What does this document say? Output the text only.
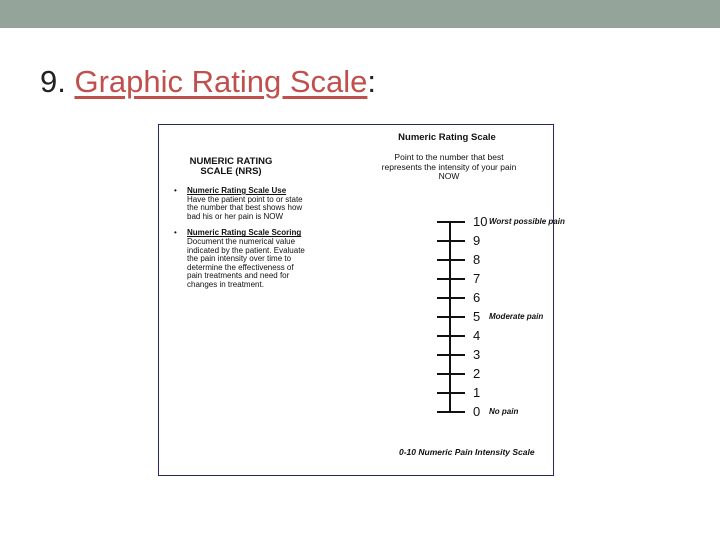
9. Graphic Rating Scale:
NUMERIC RATING SCALE (NRS)
• Numeric Rating Scale Use Have the patient point to or state the number that best shows how bad his or her pain is NOW
• Numeric Rating Scale Scoring Document the numerical value indicated by the patient. Evaluate the pain intensity over time to determine the effectiveness of pain treatments and need for changes in treatment.
Numeric Rating Scale
Point to the number that best represents the intensity of your pain NOW
10 Worst possible pain
9
8
7
6
5	Moderate pain
4
3
2
1
0	No pain
0-10 Numeric Pain Intensity Scale
